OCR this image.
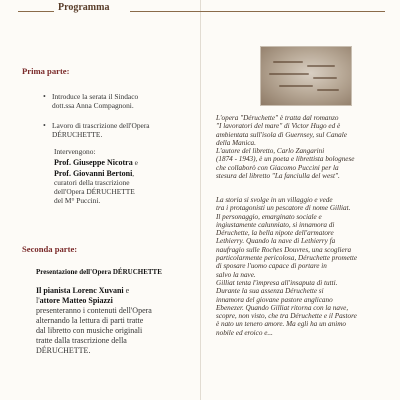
Programma
Prima parte:
• Introduce la serata il Sindaco
dott.ssa Anna Compagnoni.
• Lavoro di trascrizione dell'Opera
DÉRUCHETTE.
Intervengono:
Prof. Giuseppe Nicotra e
Prof. Giovanni Bertoni,
curatori della trascrizione
dell'Opera DÉRUCHETTE
del M° Puccini.
Seconda parte:
Presentazione dell'Opera DÉRUCHETTE
Il pianista Lorenc Xuvani e
l'attore Matteo Spiazzi
presenteranno i contenuti dell'Opera
alternando la lettura di parti tratte
dal libretto con musiche originali
tratte dalla trascrizione della
DÉRUCHETTE.
L'opera "Déruchette" è tratta dal romanzo
"I lavoratori del mare" di Victor Hugo ed è
ambientata sull'isola di Guernsey, sul Canale
della Manica.
L'autore del libretto, Carlo Zangarini
(1874 - 1943), è un poeta e librettista bolognese
che collaborò con Giacomo Puccini per la
stesura del libretto "La fanciulla del west".
La storia si svolge in un villaggio e vede
tra i protagonisti un pescatore di nome Gilliat.
Il personaggio, emarginato sociale e
ingiustamente calunniato, si innamora di
Déruchette, la bella nipote dell'armatore
Lethierry. Quando la nave di Lethierry fa
naufragio sulle Roches Douvres, una scogliera
particolarmente pericolosa, Déruchette promette
di sposare l'uomo capace di portare in
salvo la nave.
Gilliat tenta l'impresa all'insaputa di tutti.
Durante la sua assenza Déruchette si
innamora del giovane pastore anglicano
Ebenezer. Quando Gilliat ritorna con la nave,
scopre, non visto, che tra Déruchette e il Pastore
è nato un tenero amore. Ma egli ha un animo
nobile ed eroico e...
